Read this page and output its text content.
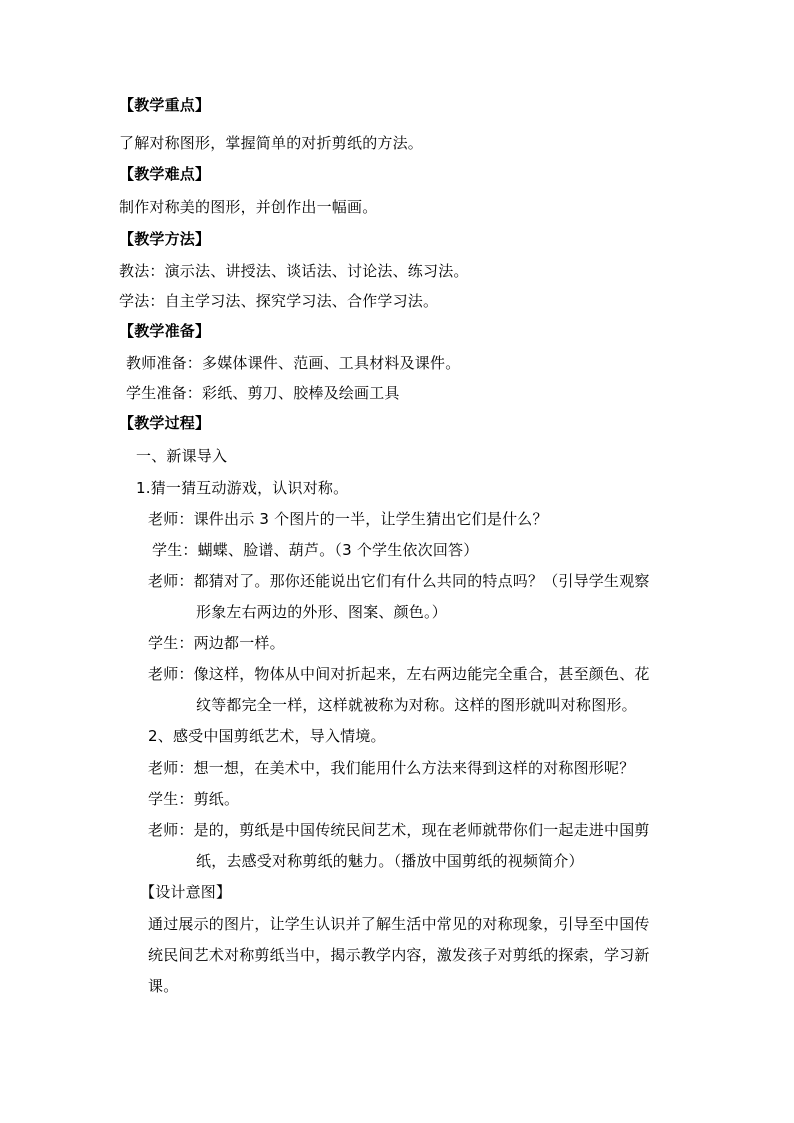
【教学重点】
了解对称图形，掌握简单的对折剪纸的方法。
【教学难点】
制作对称美的图形，并创作出一幅画。
【教学方法】
教法：演示法、讲授法、谈话法、讨论法、练习法。
学法：自主学习法、探究学习法、合作学习法。
【教学准备】
教师准备：多媒体课件、范画、工具材料及课件。
学生准备：彩纸、剪刀、胶棒及绘画工具
【教学过程】
一、新课导入
1.猜一猜互动游戏，认识对称。
老师：课件出示 3 个图片的一半，让学生猜出它们是什么？
学生：蝴蝶、脸谱、葫芦。（3 个学生依次回答）
老师：都猜对了。那你还能说出它们有什么共同的特点吗？（引导学生观察
形象左右两边的外形、图案、颜色。）
学生：两边都一样。
老师：像这样，物体从中间对折起来，左右两边能完全重合，甚至颜色、花
纹等都完全一样，这样就被称为对称。这样的图形就叫对称图形。
2、感受中国剪纸艺术，导入情境。
老师：想一想，在美术中，我们能用什么方法来得到这样的对称图形呢？
学生：剪纸。
老师：是的，剪纸是中国传统民间艺术，现在老师就带你们一起走进中国剪
纸，去感受对称剪纸的魅力。（播放中国剪纸的视频简介）
【设计意图】
通过展示的图片，让学生认识并了解生活中常见的对称现象，引导至中国传
统民间艺术对称剪纸当中，揭示教学内容，激发孩子对剪纸的探索，学习新
课。
